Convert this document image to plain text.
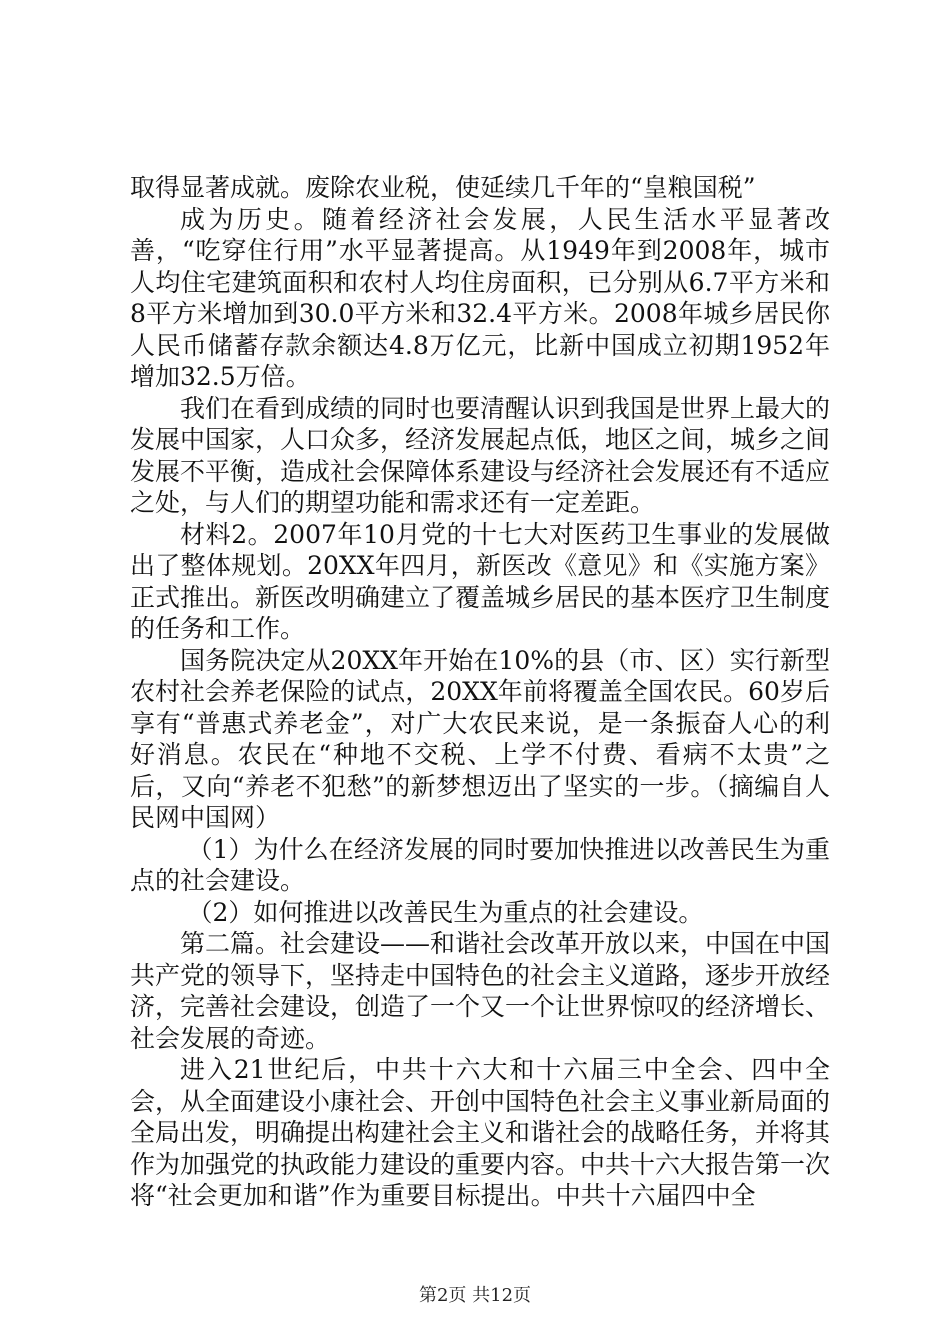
取得显著成就。废除农业税，使延续几千年的“皇粮国税”

成为历史。随着经济社会发展，人民生活水平显著改善，“吃穿住行用”水平显著提高。从1949年到2008年，城市人均住宅建筑面积和农村人均住房面积，已分别从6.7平方米和8平方米增加到30.0平方米和32.4平方米。2008年城乡居民你人民币储蓄存款余额达4.8万亿元，比新中国成立初期1952年增加32.5万倍。

我们在看到成绩的同时也要清醒认识到我国是世界上最大的发展中国家，人口众多，经济发展起点低，地区之间，城乡之间发展不平衡，造成社会保障体系建设与经济社会发展还有不适应之处，与人们的期望功能和需求还有一定差距。

材料2。2007年10月党的十七大对医药卫生事业的发展做出了整体规划。20XX年四月，新医改《意见》和《实施方案》正式推出。新医改明确建立了覆盖城乡居民的基本医疗卫生制度的任务和工作。

国务院决定从20XX年开始在10%的县（市、区）实行新型农村社会养老保险的试点，20XX年前将覆盖全国农民。60岁后享有“普惠式养老金”，对广大农民来说，是一条振奋人心的利好消息。农民在“种地不交税、上学不付费、看病不太贵”之后，又向“养老不犯愁”的新梦想迈出了坚实的一步。（摘编自人民网中国网）

（1）为什么在经济发展的同时要加快推进以改善民生为重点的社会建设。

（2）如何推进以改善民生为重点的社会建设。

第二篇。社会建设——和谐社会改革开放以来，中国在中国共产党的领导下，坚持走中国特色的社会主义道路，逐步开放经济，完善社会建设，创造了一个又一个让世界惊叹的经济增长、社会发展的奇迹。

进入21世纪后，中共十六大和十六届三中全会、四中全会，从全面建设小康社会、开创中国特色社会主义事业新局面的全局出发，明确提出构建社会主义和谐社会的战略任务，并将其作为加强党的执政能力建设的重要内容。中共十六大报告第一次将“社会更加和谐”作为重要目标提出。中共十六届四中全

第2页 共12页
